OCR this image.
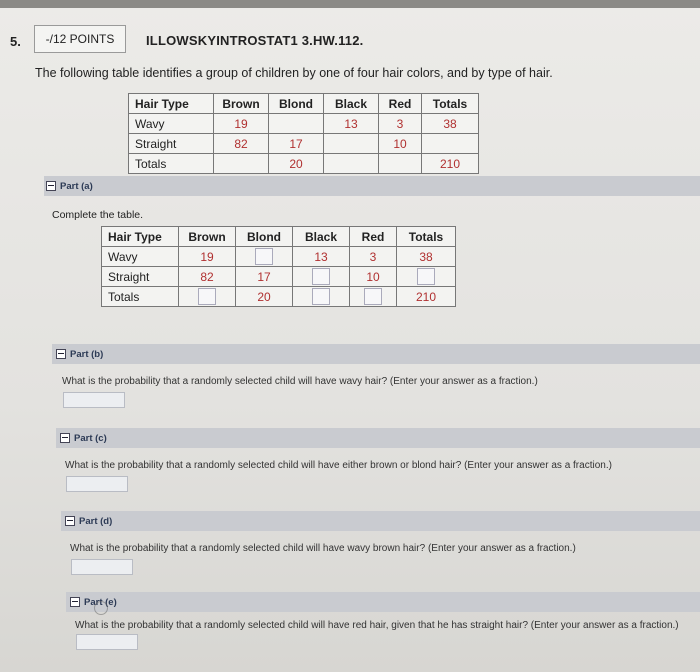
5.	-/12 POINTS	ILLOWSKYINTROSTAT1 3.HW.112.
The following table identifies a group of children by one of four hair colors, and by type of hair.
Hair Type	Brown	Blond	Black	Red	Totals
Wavy	19		13	3	38
Straight	82	17		10	
Totals		20			210
Part (a)
Complete the table.
Hair Type	Brown	Blond	Black	Red	Totals
Wavy	19		13	3	38
Straight	82	17		10	
Totals		20			210
Part (b)
What is the probability that a randomly selected child will have wavy hair? (Enter your answer as a fraction.)
Part (c)
What is the probability that a randomly selected child will have either brown or blond hair? (Enter your answer as a fraction.)
Part (d)
What is the probability that a randomly selected child will have wavy brown hair? (Enter your answer as a fraction.)
Part (e)
What is the probability that a randomly selected child will have red hair, given that he has straight hair? (Enter your answer as a fraction.)
